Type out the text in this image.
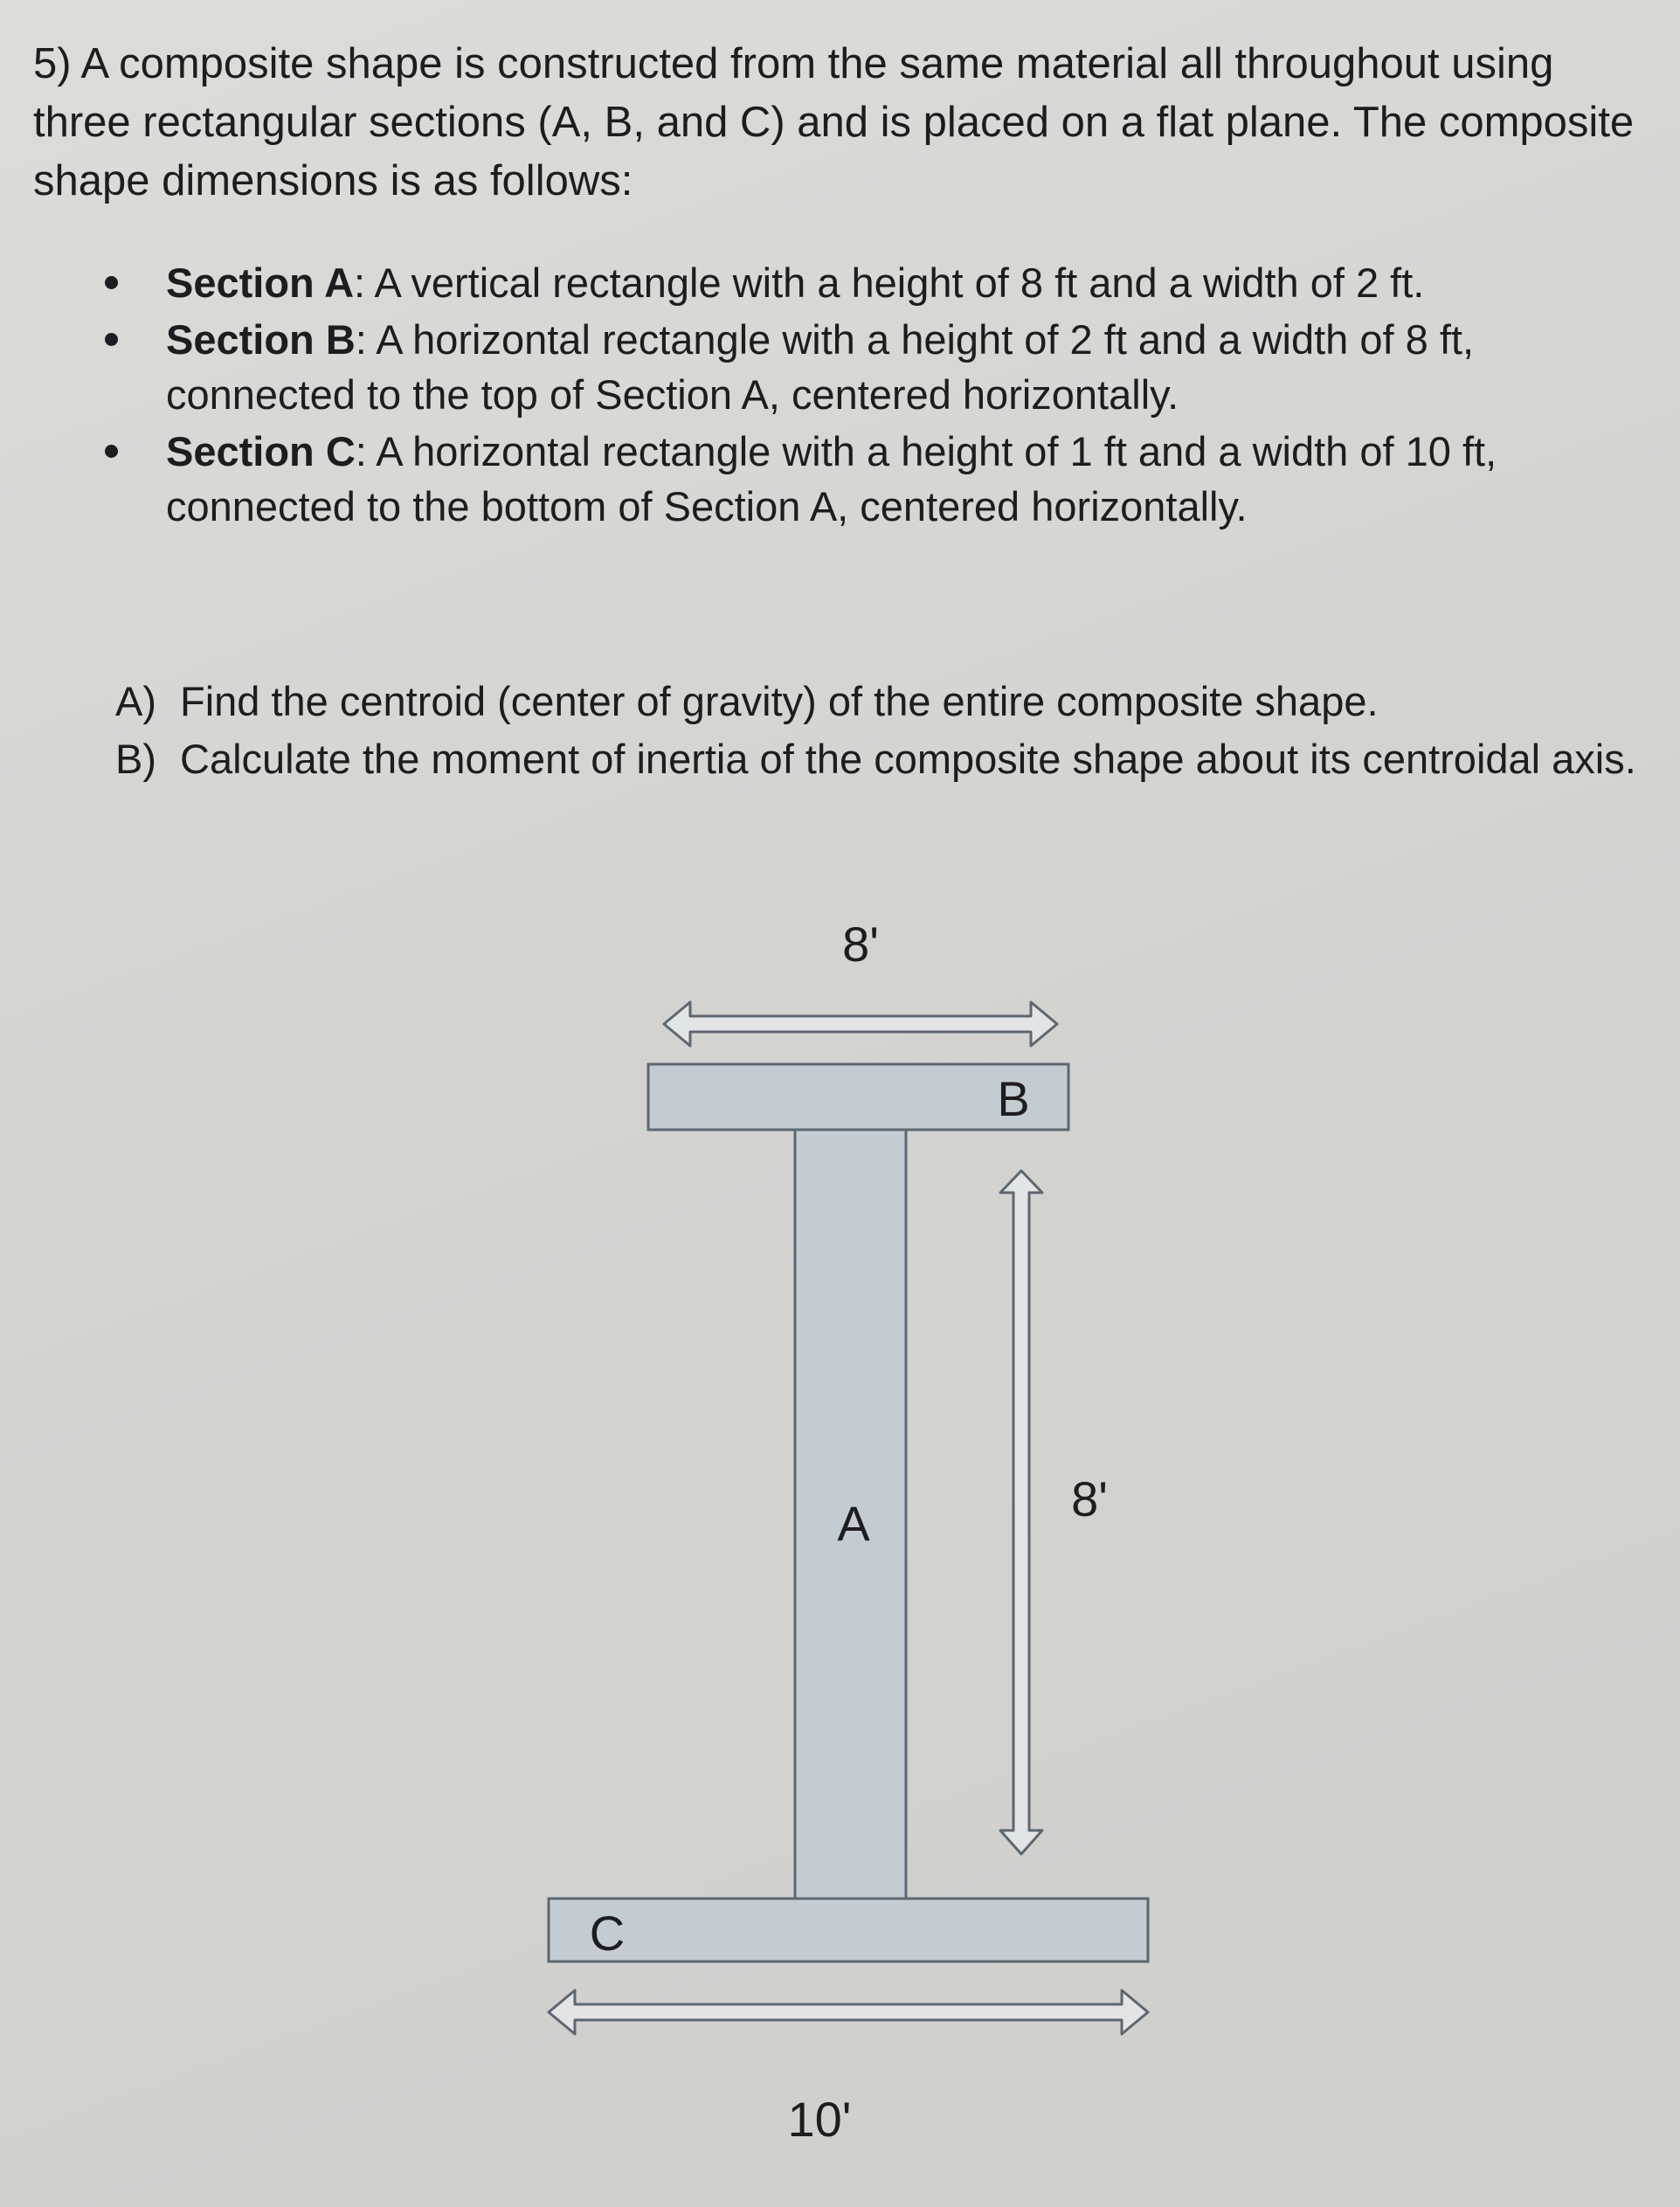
5) A composite shape is constructed from the same material all throughout using three rectangular sections (A, B, and C) and is placed on a flat plane. The composite shape dimensions is as follows:

Section A: A vertical rectangle with a height of 8 ft and a width of 2 ft.
Section B: A horizontal rectangle with a height of 2 ft and a width of 8 ft, connected to the top of Section A, centered horizontally.
Section C: A horizontal rectangle with a height of 1 ft and a width of 10 ft, connected to the bottom of Section A, centered horizontally.
A) Find the centroid (center of gravity) of the entire composite shape.
B) Calculate the moment of inertia of the composite shape about its centroidal axis.
A
B
C
8'
8'
10'
